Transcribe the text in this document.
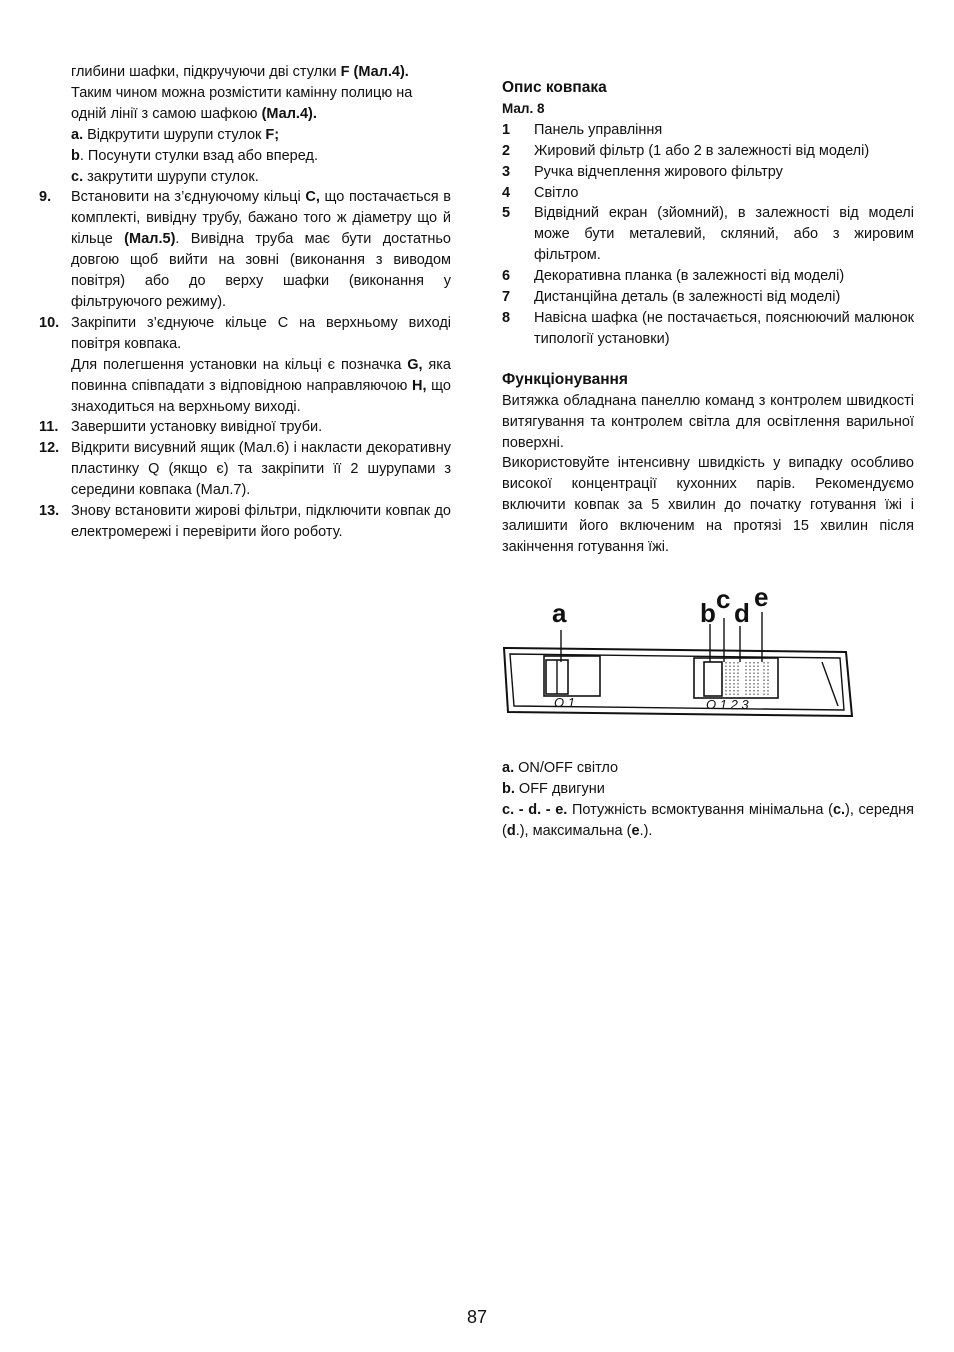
глибини шафки, підкручуючи дві стулки F (Мал.4).

Таким чином можна розмістити камінну полицю на

одній лінії з самою шафкою (Мал.4).

a. Відкрутити шурупи стулок F;

b. Посунути стулки взад або вперед.

c. закрутити шурупи стулок.

9.	Встановити на з’єднуючому кільці C, що постачається в комплекті, вивідну трубу, бажано того ж діаметру що й кільце (Мал.5). Вивідна труба має бути достатньо довгою щоб вийти на зовні (виконання з виводом повітря) або до верху шафки (виконання у фільтруючого режиму).
10. Закріпити з’єднуюче кільце С на верхньому виході повітря ковпака.
Для полегшення установки на кільці є позначка G, яка повинна співпадати з відповідною направляючою H, що знаходиться на верхньому виході.
11. Завершити установку вивідної труби.
12. Відкрити висувний ящик (Мал.6) і накласти декоративну пластинку Q (якщо є) та закріпити її 2 шурупами з середини ковпака (Мал.7).
13. Знову встановити жирові фільтри, підключити ковпак до електромережі і перевірити його роботу.

Опис ковпака

Мал. 8

1	Панель управління
2	Жировий фільтр (1 або 2 в залежності від моделі)
3	Ручка відчеплення жирового фільтру
4	Світло
5	Відвідний екран (зйомний), в залежності від моделі може бути металевий, скляний, або з жировим фільтром.
6	Декоративна планка (в залежності від моделі)
7	Дистанційна деталь (в залежності від моделі)
8	Навісна шафка (не постачається, пояснюючий малюнок типології установки)

Функціонування

Витяжка обладнана панеллю команд з контролем швидкості витягування та контролем світла для освітлення варильної поверхні.

Використовуйте інтенсивну швидкість у випадку особливо високої концентрації кухонних парів. Рекомендуємо включити ковпак за 5 хвилин до початку готування їжі і залишити його включеним на протязі 15 хвилин після закінчення готування їжі.

a	b c d
e
O 1	O 1 2 3

a. ON/OFF світло

b. OFF двигуни

c. - d. - e. Потужність всмоктування мінімальна (c.), середня (d.), максимальна (e.).

87
